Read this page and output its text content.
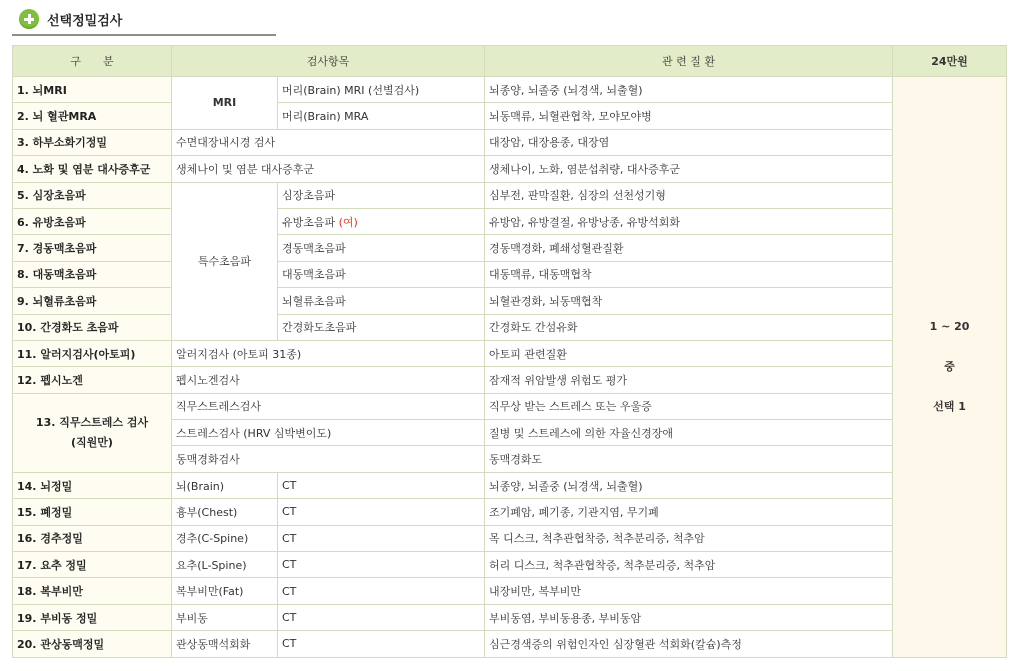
선택정밀검사
구　　분	검사항목		관 련 질 환	24만원
1. 뇌MRI	MRI	머리(Brain) MRI (선별검사)	뇌종양, 뇌졸중 (뇌경색, 뇌출혈)	1 ~ 20
중
선택 1

2. 뇌 혈관MRA		머리(Brain) MRA	뇌동맥류, 뇌혈관협착, 모야모야병	
3. 하부소화기정밀	수면대장내시경 검사		대장암, 대장용종, 대장염	
4. 노화 및 염분 대사증후군	생체나이 및 염분 대사증후군		생체나이, 노화, 염분섭취량, 대사증후군	
5. 심장초음파	특수초음파	심장초음파	심부전, 판막질환, 심장의 선천성기형	
6. 유방초음파		유방초음파 (여)	유방암, 유방결절, 유방낭종, 유방석회화	
7. 경동맥초음파		경동맥초음파	경동맥경화, 폐쇄성혈관질환	
8. 대동맥초음파		대동맥초음파	대동맥류, 대동맥협착	
9. 뇌혈류초음파		뇌혈류초음파	뇌혈관경화, 뇌동맥협착	
10. 간경화도 초음파		간경화도초음파	간경화도 간섬유화	
11. 알러지검사(아토피)	알러지검사 (아토피 31종)		아토피 관련질환	
12. 펩시노겐	펩시노겐검사		잠재적 위암발생 위험도 평가	

13. 직무스트레스 검사
(직원만)	직무스트레스검사		직무상 받는 스트레스 또는 우울증	
	스트레스검사 (HRV 심박변이도)		질병 및 스트레스에 의한 자율신경장애	
	동맥경화검사		동맥경화도	
14. 뇌정밀	뇌(Brain)	CT	뇌종양, 뇌졸중 (뇌경색, 뇌출혈)	
15. 폐정밀	흉부(Chest)	CT	조기폐암, 폐기종, 기관지염, 무기폐	
16. 경추정밀	경추(C-Spine)	CT	목 디스크, 척추관협착증, 척추분리증, 척추암	
17. 요추 정밀	요추(L-Spine)	CT	허리 디스크, 척추관협착증, 척추분리증, 척추암	
18. 복부비만	복부비만(Fat)	CT	내장비만, 복부비만	
19. 부비동 정밀	부비동	CT	부비동염, 부비동용종, 부비동암	
20. 관상동맥정밀	관상동맥석회화	CT	심근경색증의 위험인자인 심장혈관 석회화(칼슘)측정	
